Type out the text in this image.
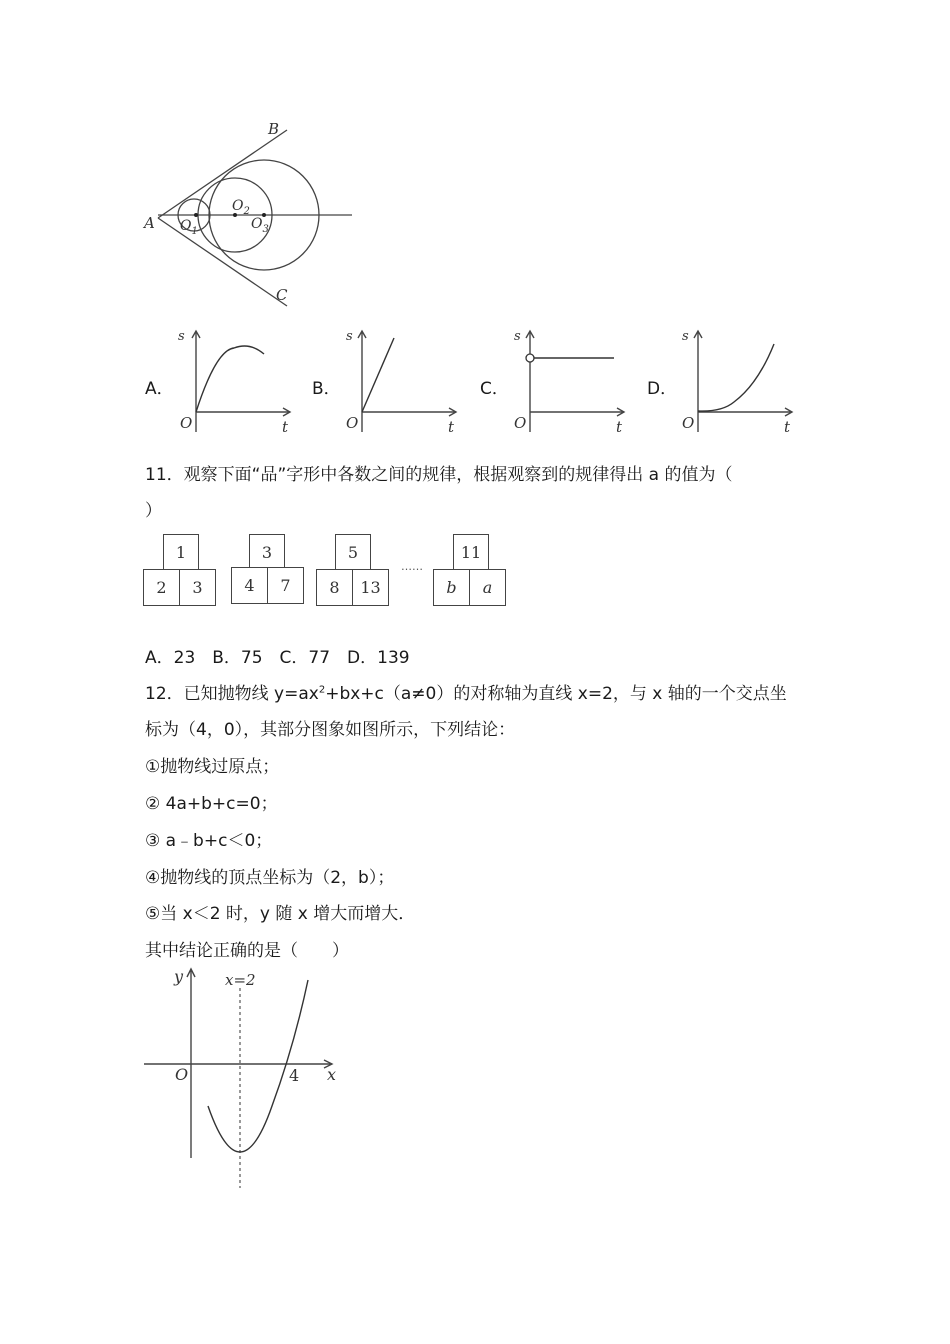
A
B
C
$O_1$
$O_2$
$O_3$
A．
s
O	t
B．
s
O	t
C．
s
O	t
D．
s
O	t
11．观察下面“品”字形中各数之间的规律，根据观察到的规律得出 a 的值为（
）
1
2	3
3
4	7
5
8	13
……
11
b	a
A．23　B．75　C．77　D．139
12．已知抛物线 $y=ax^2+bx+c(a\ne 0)$的对称轴为直线 x=2，与 x 轴的一个交点坐
标为（4，0），其部分图象如图所示，下列结论：
①抛物线过原点；
② 4a+b+c=0；
③ a﹣b+c＜0；
④抛物线的顶点坐标为（2，b）；
⑤当 x＜2 时，y 随 x 增大而增大．
其中结论正确的是（　　）
y	x=2
O	4 x
